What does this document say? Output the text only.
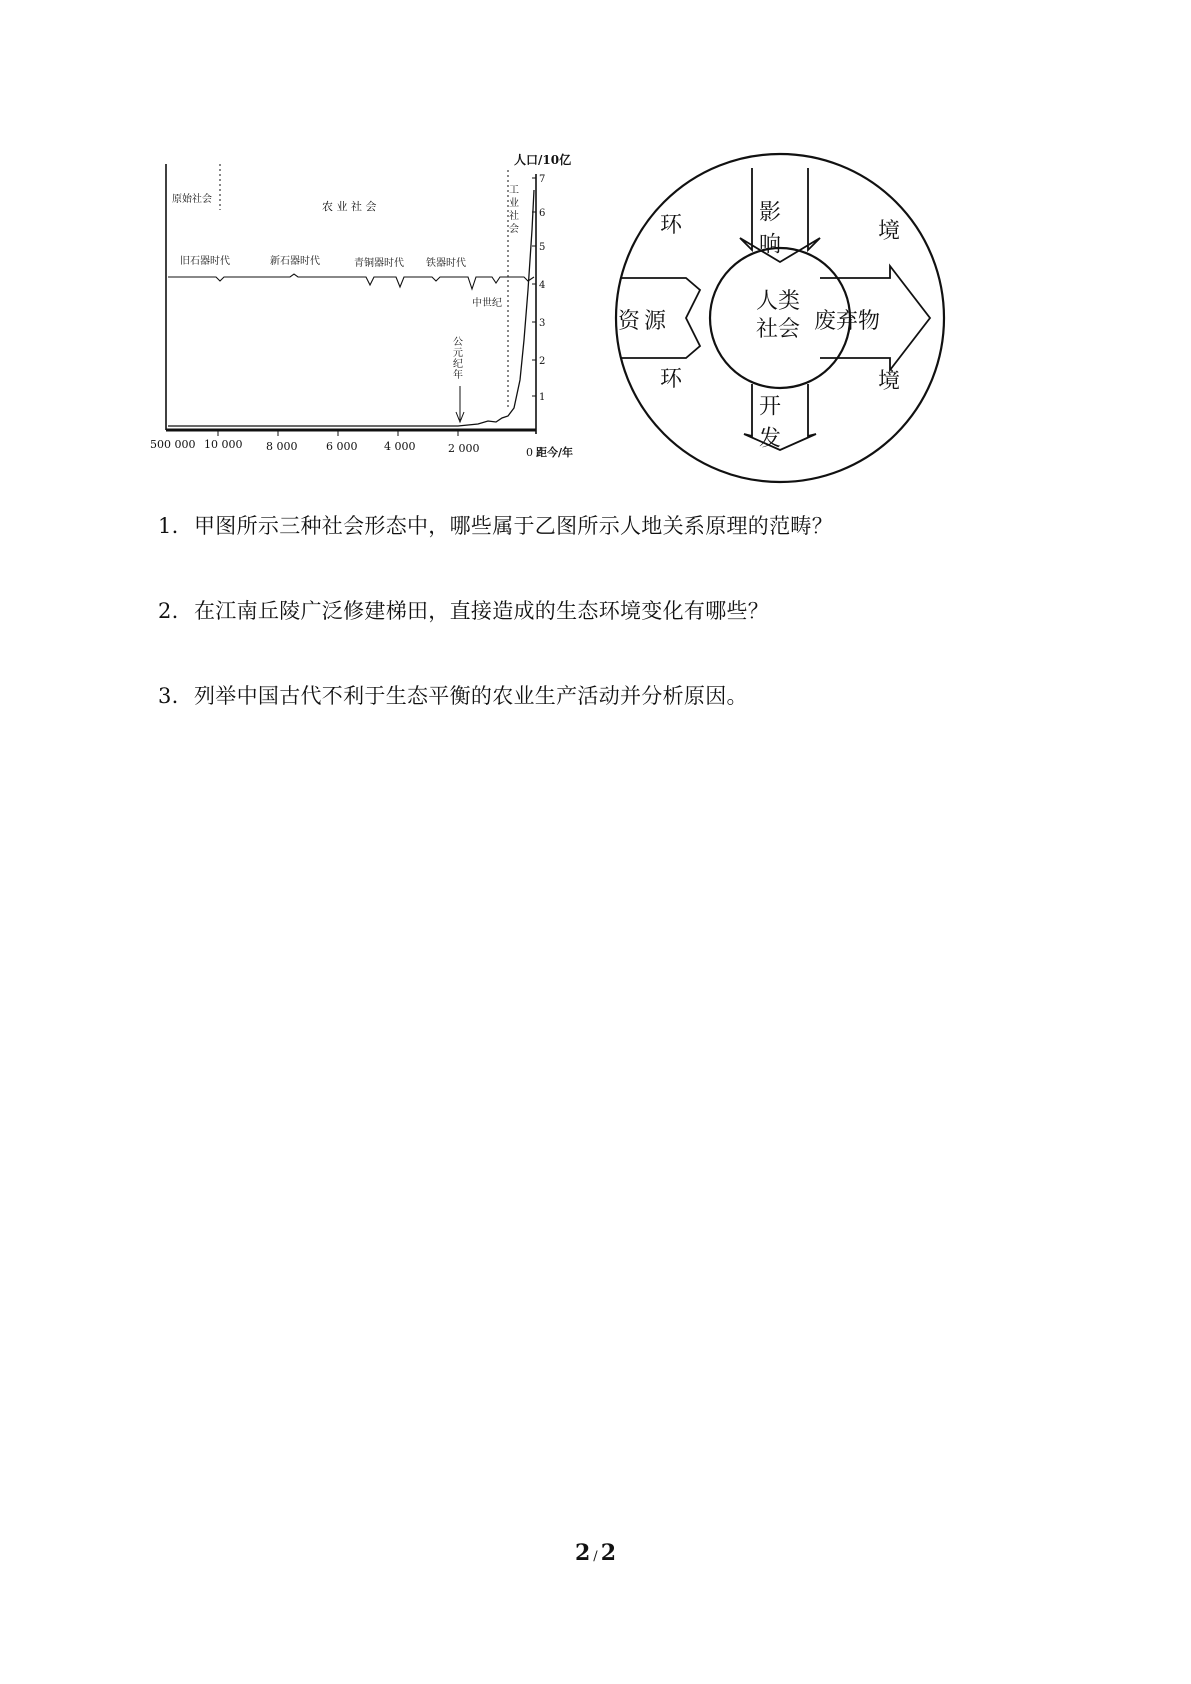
7
6
5
4
3
2
1
人口/10亿
500 000 10 000 8 000	6 000 4 000	2 000	0 距今/年
原始社会
农 业 社 会	工业社会
旧石器时代	新石器时代	青铜器时代 铁器时代
中世纪
公元纪年
人类
社会
影响
开发
资源	废弃物
环	境
环	境
1. 甲图所示三种社会形态中，哪些属于乙图所示人地关系原理的范畴？
2. 在江南丘陵广泛修建梯田，直接造成的生态环境变化有哪些？
3. 列举中国古代不利于生态平衡的农业生产活动并分析原因。
2 / 2
